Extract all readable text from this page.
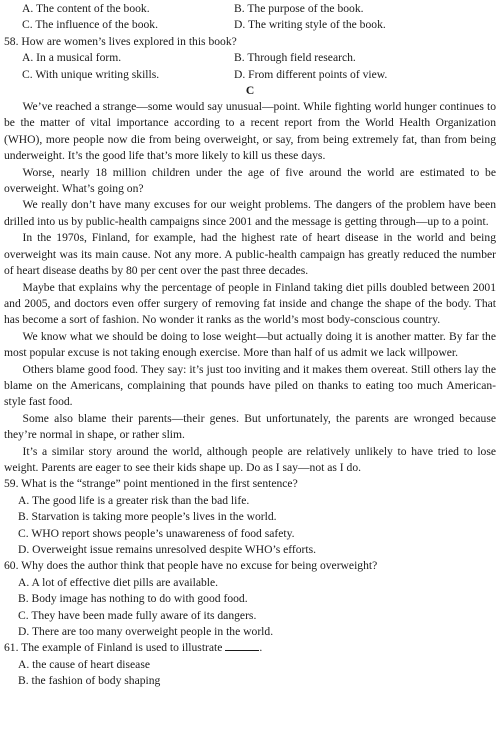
A. The content of the book.	B. The purpose of the book.
C. The influence of the book.	D. The writing style of the book.
58. How are women’s lives explored in this book?
A. In a musical form.	B. Through field research.
C. With unique writing skills.	D. From different points of view.
C

We’ve reached a strange—some would say unusual—point. While fighting world hunger continues to be the matter of vital importance according to a recent report from the World Health Organization (WHO), more people now die from being overweight, or say, from being extremely fat, than from being underweight. It’s the good life that’s more likely to kill us these days.

Worse, nearly 18 million children under the age of five around the world are estimated to be overweight. What’s going on?

We really don’t have many excuses for our weight problems. The dangers of the problem have been drilled into us by public-health campaigns since 2001 and the message is getting through—up to a point.

In the 1970s, Finland, for example, had the highest rate of heart disease in the world and being overweight was its main cause. Not any more. A public-health campaign has greatly reduced the number of heart disease deaths by 80 per cent over the past three decades.

Maybe that explains why the percentage of people in Finland taking diet pills doubled between 2001 and 2005, and doctors even offer surgery of removing fat inside and change the shape of the body. That has become a sort of fashion. No wonder it ranks as the world’s most body-conscious country.

We know what we should be doing to lose weight—but actually doing it is another matter. By far the most popular excuse is not taking enough exercise. More than half of us admit we lack willpower.

Others blame good food. They say: it’s just too inviting and it makes them overeat. Still others lay the blame on the Americans, complaining that pounds have piled on thanks to eating too much American-style fast food.

Some also blame their parents—their genes. But unfortunately, the parents are wronged because they’re normal in shape, or rather slim.

It’s a similar story around the world, although people are relatively unlikely to have tried to lose weight. Parents are eager to see their kids shape up. Do as I say—not as I do.

59. What is the “strange” point mentioned in the first sentence?
A. The good life is a greater risk than the bad life.
B. Starvation is taking more people’s lives in the world.
C. WHO report shows people’s unawareness of food safety.
D. Overweight issue remains unresolved despite WHO’s efforts.
60. Why does the author think that people have no excuse for being overweight?
A. A lot of effective diet pills are available.
B. Body image has nothing to do with good food.
C. They have been made fully aware of its dangers.
D. There are too many overweight people in the world.
61. The example of Finland is used to illustrate	.
A. the cause of heart disease
B. the fashion of body shaping
